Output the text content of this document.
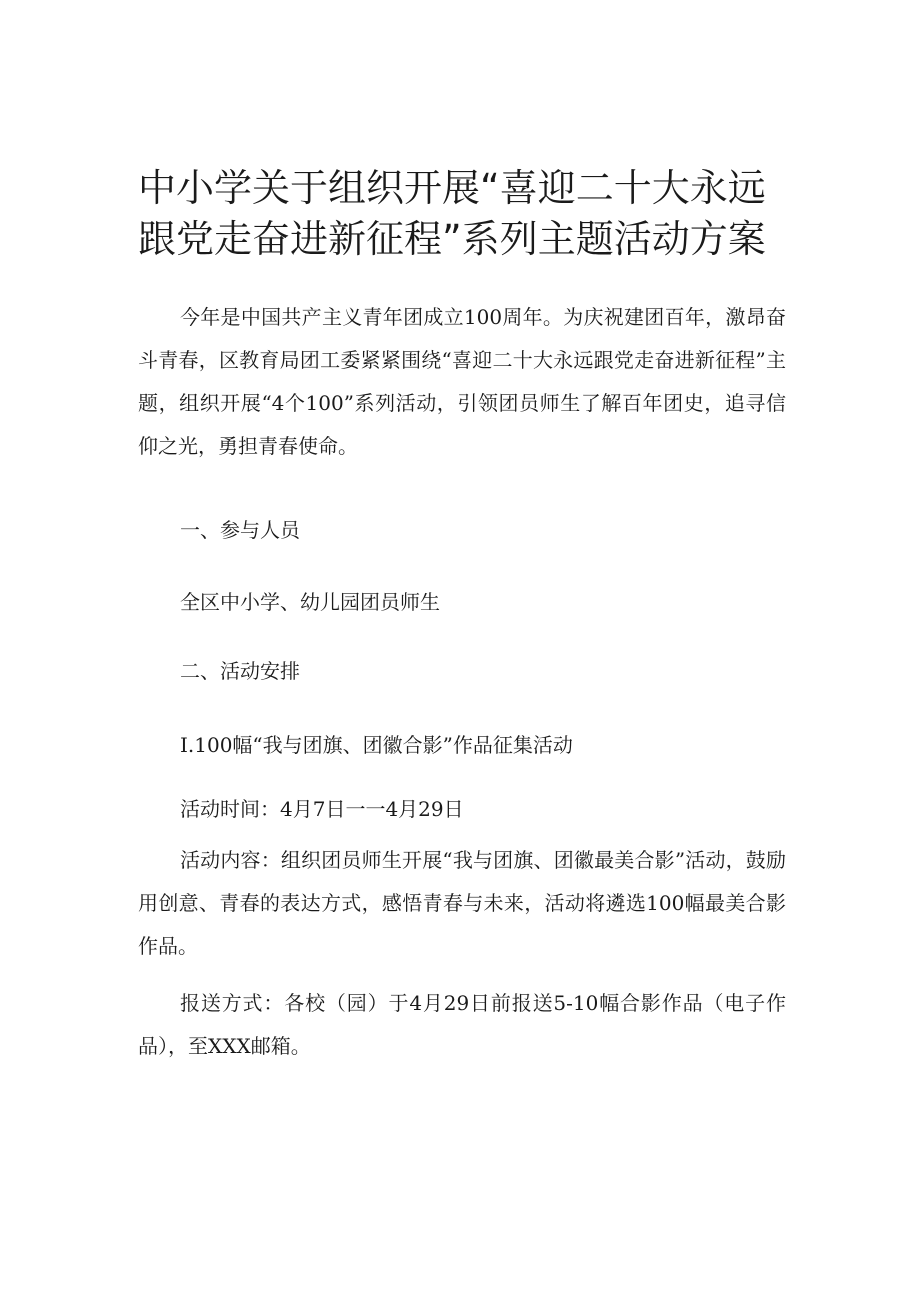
中小学关于组织开展“喜迎二十大永远跟党走奋进新征程”系列主题活动方案

今年是中国共产主义青年团成立100周年。为庆祝建团百年，激昂奋斗青春，区教育局团工委紧紧围绕“喜迎二十大永远跟党走奋进新征程”主题，组织开展“4个100”系列活动，引领团员师生了解百年团史，追寻信仰之光，勇担青春使命。

一、参与人员

全区中小学、幼儿园团员师生

二、活动安排

I.100幅“我与团旗、团徽合影”作品征集活动

活动时间：4月7日一一4月29日

活动内容：组织团员师生开展“我与团旗、团徽最美合影”活动，鼓励用创意、青春的表达方式，感悟青春与未来，活动将遴选100幅最美合影作品。

报送方式：各校（园）于4月29日前报送5-10幅合影作品（电子作品），至XXX邮箱。
